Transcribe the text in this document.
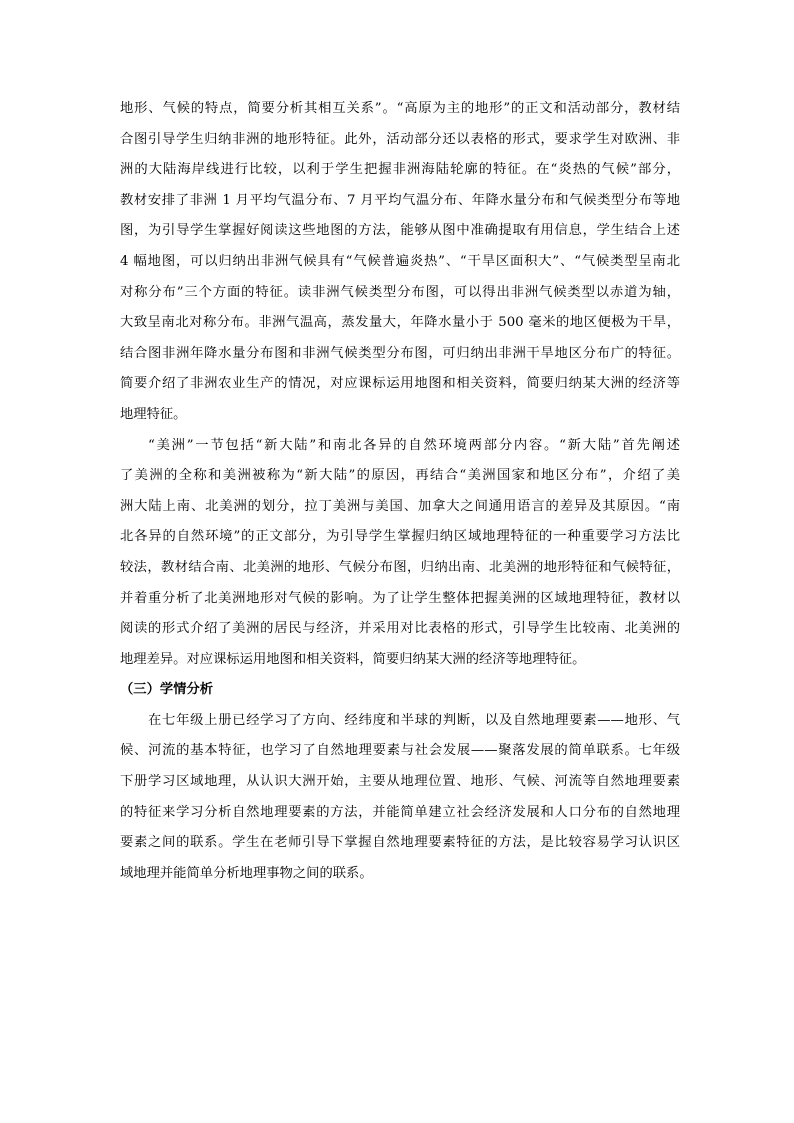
地形、气候的特点，简要分析其相互关系”。“高原为主的地形”的正文和活动部分，教材结

合图引导学生归纳非洲的地形特征。此外，活动部分还以表格的形式，要求学生对欧洲、非

洲的大陆海岸线进行比较，以利于学生把握非洲海陆轮廓的特征。在“炎热的气候”部分，

教材安排了非洲 1 月平均气温分布、7 月平均气温分布、年降水量分布和气候类型分布等地

图，为引导学生掌握好阅读这些地图的方法，能够从图中准确提取有用信息，学生结合上述

4 幅地图，可以归纳出非洲气候具有“气候普遍炎热”、“干旱区面积大”、“气候类型呈南北

对称分布”三个方面的特征。读非洲气候类型分布图，可以得出非洲气候类型以赤道为轴，

大致呈南北对称分布。非洲气温高，蒸发量大，年降水量小于 500 毫米的地区便极为干旱，

结合图非洲年降水量分布图和非洲气候类型分布图，可归纳出非洲干旱地区分布广的特征。

简要介绍了非洲农业生产的情况，对应课标运用地图和相关资料，简要归纳某大洲的经济等

地理特征。

“美洲”一节包括“新大陆”和南北各异的自然环境两部分内容。“新大陆”首先阐述

了美洲的全称和美洲被称为“新大陆”的原因，再结合“美洲国家和地区分布”，介绍了美

洲大陆上南、北美洲的划分，拉丁美洲与美国、加拿大之间通用语言的差异及其原因。“南

北各异的自然环境”的正文部分，为引导学生掌握归纳区域地理特征的一种重要学习方法比

较法，教材结合南、北美洲的地形、气候分布图，归纳出南、北美洲的地形特征和气候特征，

并着重分析了北美洲地形对气候的影响。为了让学生整体把握美洲的区域地理特征，教材以

阅读的形式介绍了美洲的居民与经济，并采用对比表格的形式，引导学生比较南、北美洲的

地理差异。对应课标运用地图和相关资料，简要归纳某大洲的经济等地理特征。

（三）学情分析

在七年级上册已经学习了方向、经纬度和半球的判断，以及自然地理要素——地形、气

候、河流的基本特征，也学习了自然地理要素与社会发展——聚落发展的简单联系。七年级

下册学习区域地理，从认识大洲开始，主要从地理位置、地形、气候、河流等自然地理要素

的特征来学习分析自然地理要素的方法，并能简单建立社会经济发展和人口分布的自然地理

要素之间的联系。学生在老师引导下掌握自然地理要素特征的方法，是比较容易学习认识区

域地理并能简单分析地理事物之间的联系。
